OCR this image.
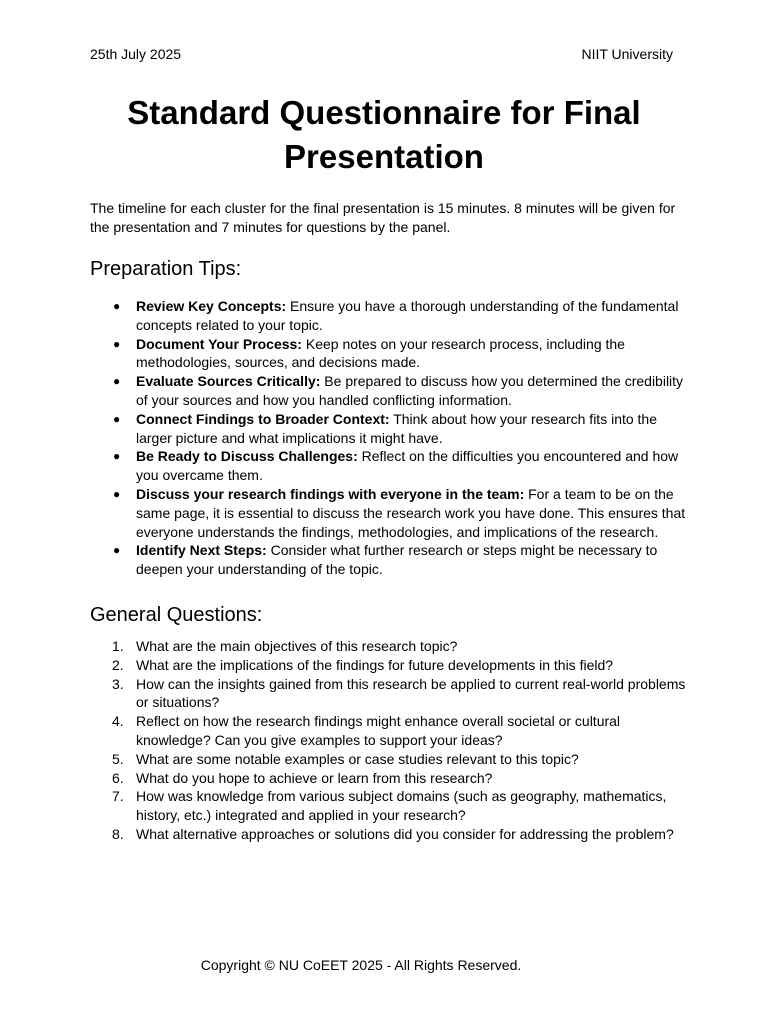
25th July 2025	NIIT University
Standard Questionnaire for Final Presentation

The timeline for each cluster for the final presentation is 15 minutes. 8 minutes will be given for the presentation and 7 minutes for questions by the panel.

Preparation Tips:
● Review Key Concepts: Ensure you have a thorough understanding of the fundamental concepts related to your topic.
● Document Your Process: Keep notes on your research process, including the methodologies, sources, and decisions made.
● Evaluate Sources Critically: Be prepared to discuss how you determined the credibility of your sources and how you handled conflicting information.
● Connect Findings to Broader Context: Think about how your research fits into the larger picture and what implications it might have.
● Be Ready to Discuss Challenges: Reflect on the difficulties you encountered and how you overcame them.
● Discuss your research findings with everyone in the team: For a team to be on the same page, it is essential to discuss the research work you have done. This ensures that everyone understands the findings, methodologies, and implications of the research.
● Identify Next Steps: Consider what further research or steps might be necessary to deepen your understanding of the topic.
General Questions:
1. What are the main objectives of this research topic?
2. What are the implications of the findings for future developments in this field?
3. How can the insights gained from this research be applied to current real-world problems or situations?
4. Reflect on how the research findings might enhance overall societal or cultural knowledge? Can you give examples to support your ideas?
5. What are some notable examples or case studies relevant to this topic?
6. What do you hope to achieve or learn from this research?
7. How was knowledge from various subject domains (such as geography, mathematics, history, etc.) integrated and applied in your research?
8. What alternative approaches or solutions did you consider for addressing the problem?
Copyright © NU CoEET 2025 - All Rights Reserved.
